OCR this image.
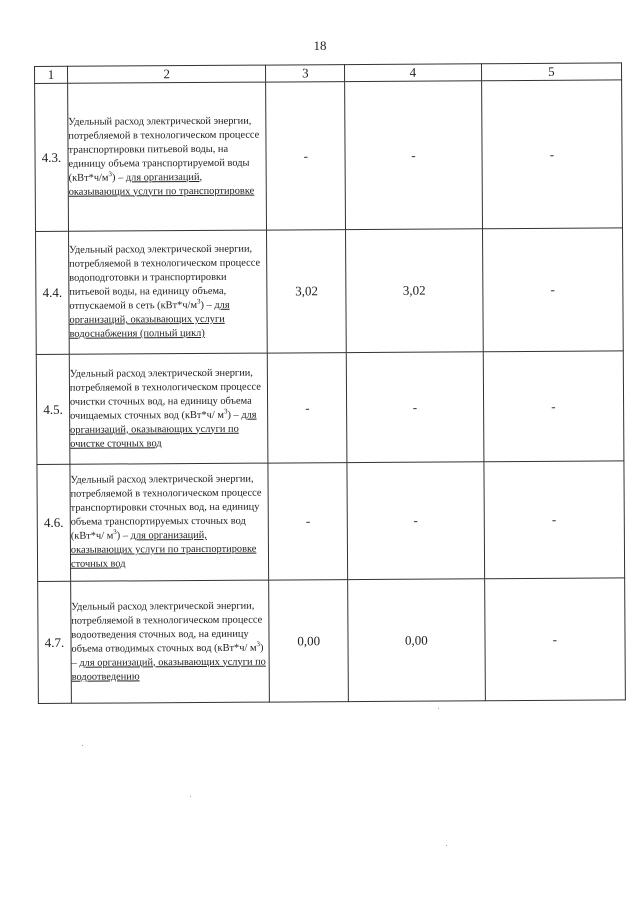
18
1	2	3	4	5
4.3.	Удельный расход электрической энергии, потребляемой в технологическом процессе транспортировки питьевой воды, на единицу объема транспортируемой воды $(кВт*ч/м^3)$ – для организаций, оказывающих услуги по транспортировке	-	-	-
4.4.	Удельный расход электрической энергии, потребляемой в технологическом процессе водоподготовки и транспортировки питьевой воды, на единицу объема, отпускаемой в сеть $(кВт*ч/м^3)$ – для организаций, оказывающих услуги водоснабжения (полный цикл)	3,02	3,02	-
4.5.	Удельный расход электрической энергии, потребляемой в технологическом процессе очистки сточных вод, на единицу объема очищаемых сточных вод (кВт*ч/ $м^3$) – для организаций, оказывающих услуги по очистке сточных вод	-	-	-
4.6.	Удельный расход электрической энергии, потребляемой в технологическом процессе транспортировки сточных вод, на единицу объема транспортируемых сточных вод (кВт*ч/ $м^3$) – для организаций, оказывающих услуги по транспортировке сточных вод	-	-	-
4.7.	Удельный расход электрической энергии, потребляемой в технологическом процессе водоотведения сточных вод, на единицу объема отводимых сточных вод (кВт*ч/ $м^3$) – для организаций, оказывающих услуги по водоотведению	0,00	0,00	-
